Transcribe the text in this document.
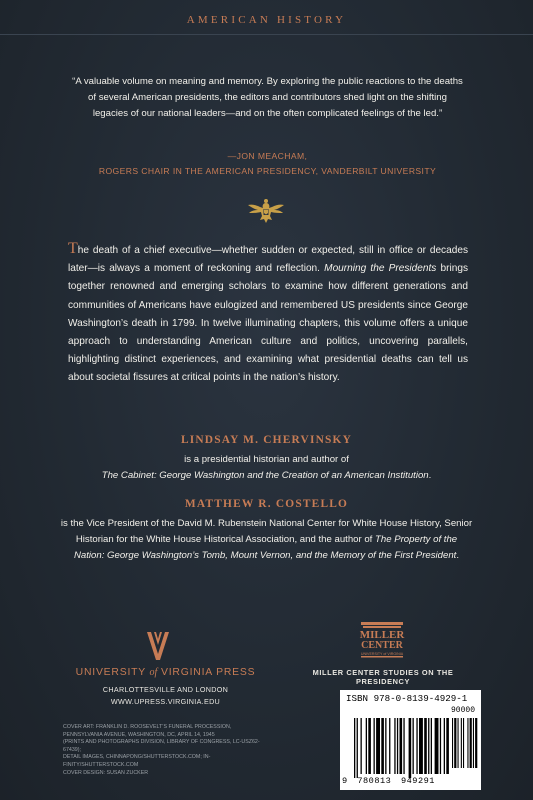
AMERICAN HISTORY
“A valuable volume on meaning and memory. By exploring the public reactions to the deaths of several American presidents, the editors and contributors shed light on the shifting legacies of our national leaders—and on the often complicated feelings of the led.”
—JON MEACHAM,
ROGERS CHAIR IN THE AMERICAN PRESIDENCY, VANDERBILT UNIVERSITY
The death of a chief executive—whether sudden or expected, still in office or decades later—is always a moment of reckoning and reflection. Mourning the Presidents brings together renowned and emerging scholars to examine how different generations and communities of Americans have eulogized and remembered US presidents since George Washington’s death in 1799. In twelve illuminating chapters, this volume offers a unique approach to understanding American culture and politics, uncovering parallels, highlighting distinct experiences, and examining what presidential deaths can tell us about societal fissures at critical points in the nation’s history.
LINDSAY M. CHERVINSKY
is a presidential historian and author of
The Cabinet: George Washington and the Creation of an American Institution.
MATTHEW R. COSTELLO
is the Vice President of the David M. Rubenstein National Center for White House History, Senior Historian for the White House Historical Association, and the author of The Property of the Nation: George Washington’s Tomb, Mount Vernon, and the Memory of the First President.
UNIVERSITY of VIRGINIA PRESS
CHARLOTTESVILLE AND LONDON
WWW.UPRESS.VIRGINIA.EDU
MILLER
CENTER
UNIVERSITY of VIRGINIA
MILLER CENTER STUDIES ON THE PRESIDENCY
COVER ART: FRANKLIN D. ROOSEVELT’S FUNERAL PROCESSION,
PENNSYLVANIA AVENUE, WASHINGTON, DC, APRIL 14, 1945
(PRINTS AND PHOTOGRAPHS DIVISION, LIBRARY OF CONGRESS, LC-USZ62-67439);
DETAIL IMAGES, CHINNAPONG/SHUTTERSTOCK.COM; IN-FINITY/SHUTTERSTOCK.COM
COVER DESIGN: SUSAN ZUCKER
ISBN 978-0-8139-4929-1
90000
9 780813 949291
